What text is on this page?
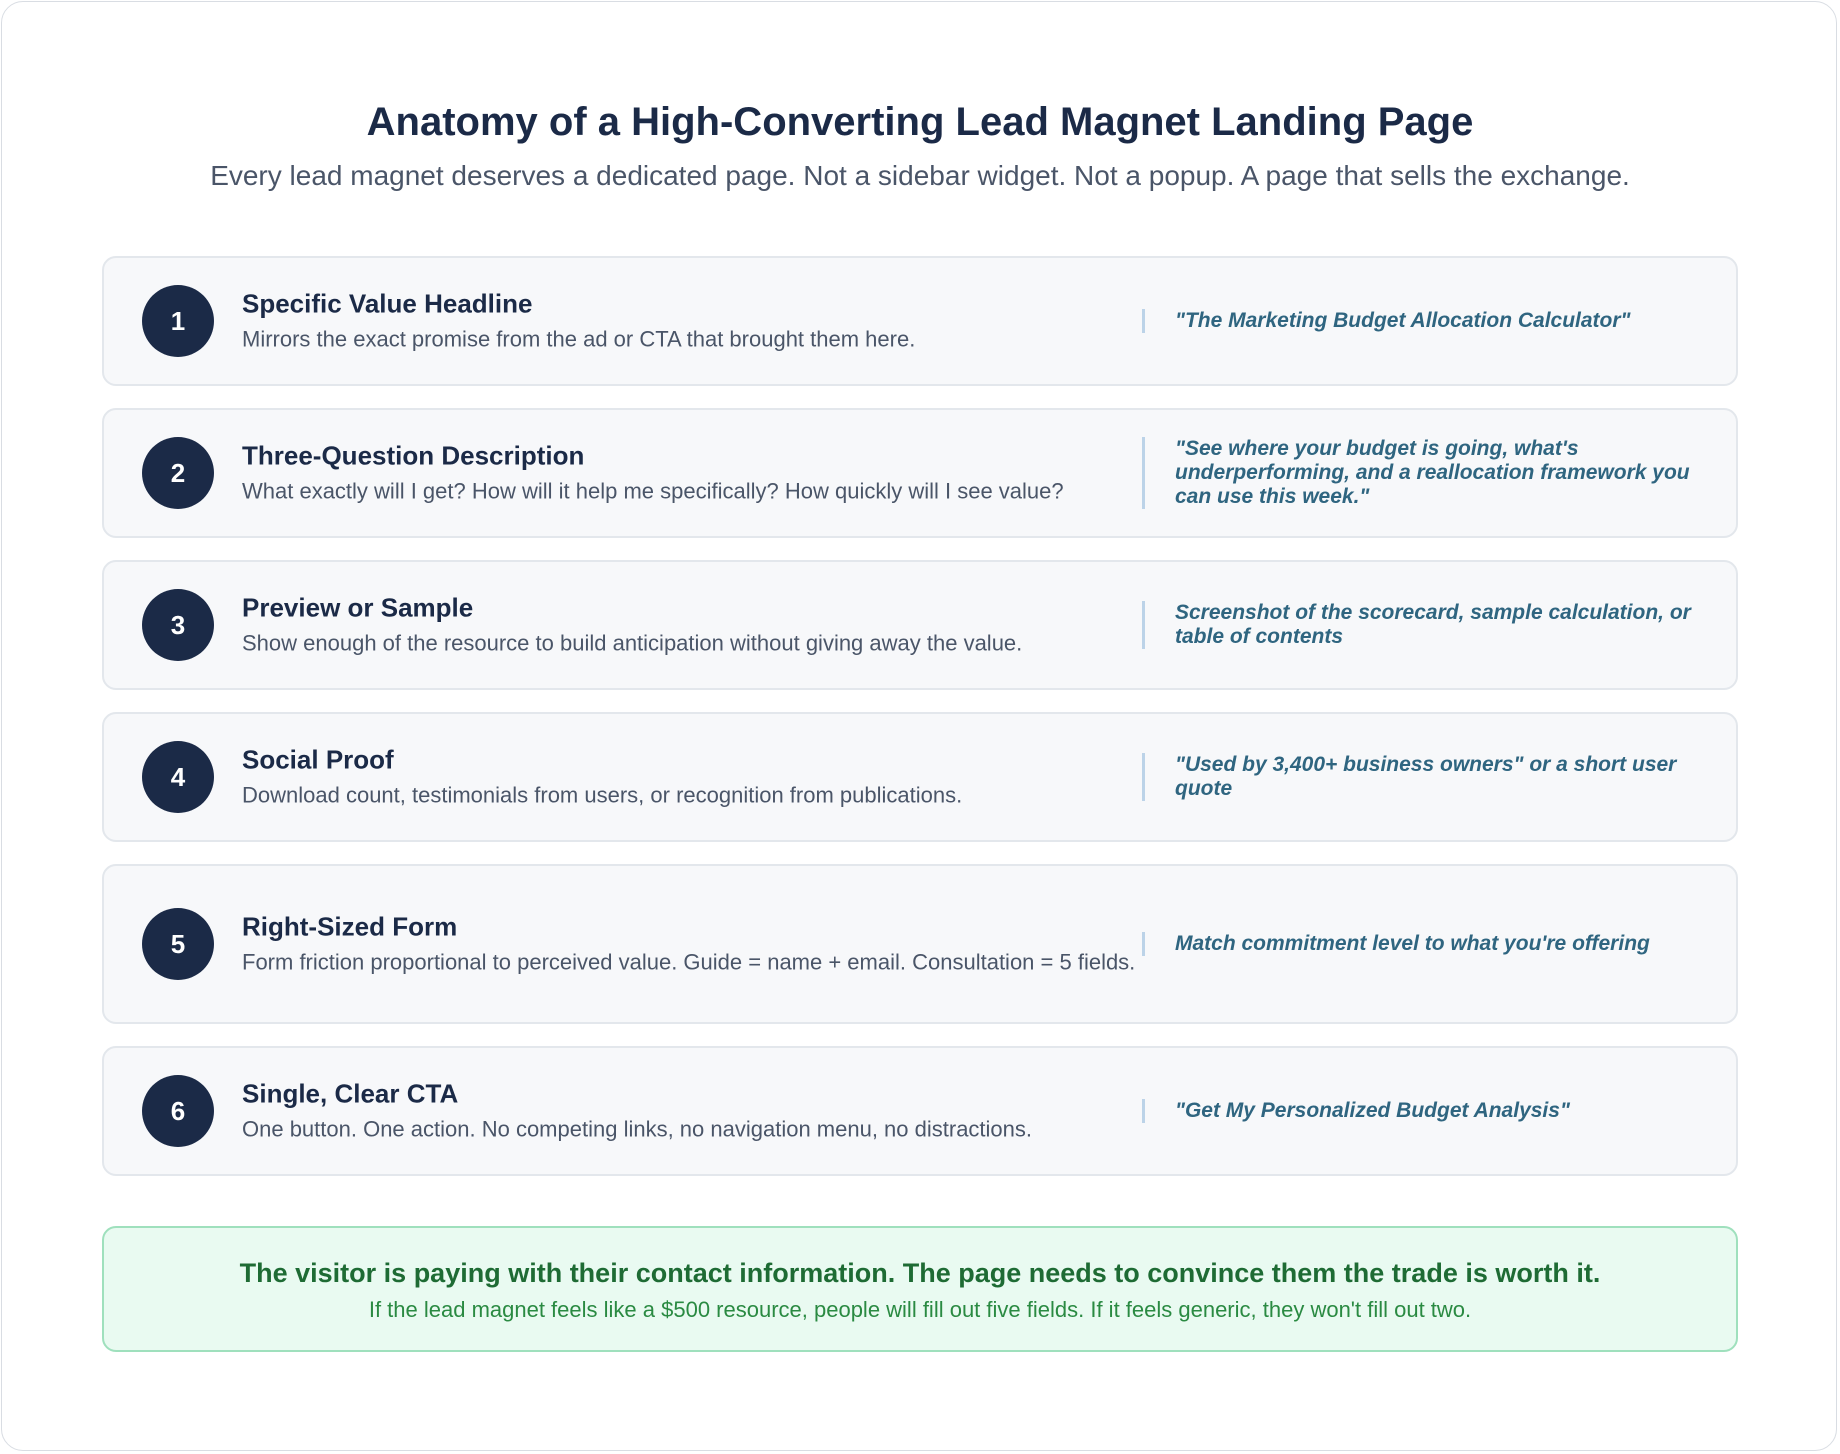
Anatomy of a High-Converting Lead Magnet Landing Page

Every lead magnet deserves a dedicated page. Not a sidebar widget. Not a popup. A page that sells the exchange.

1

Specific Value Headline

Mirrors the exact promise from the ad or CTA that brought them here.

"The Marketing Budget Allocation Calculator"
2

Three-Question Description

What exactly will I get? How will it help me specifically? How quickly will I see value?

"See where your budget is going, what's underperforming, and a reallocation framework you can use this week."
3

Preview or Sample

Show enough of the resource to build anticipation without giving away the value.

Screenshot of the scorecard, sample calculation, or table of contents
4

Social Proof

Download count, testimonials from users, or recognition from publications.

"Used by 3,400+ business owners" or a short user quote
5

Right-Sized Form

Form friction proportional to perceived value. Guide = name + email. Consultation = 5 fields.

Match commitment level to what you're offering
6

Single, Clear CTA

One button. One action. No competing links, no navigation menu, no distractions.

"Get My Personalized Budget Analysis"

The visitor is paying with their contact information. The page needs to convince them the trade is worth it.

If the lead magnet feels like a $500 resource, people will fill out five fields. If it feels generic, they won't fill out two.
